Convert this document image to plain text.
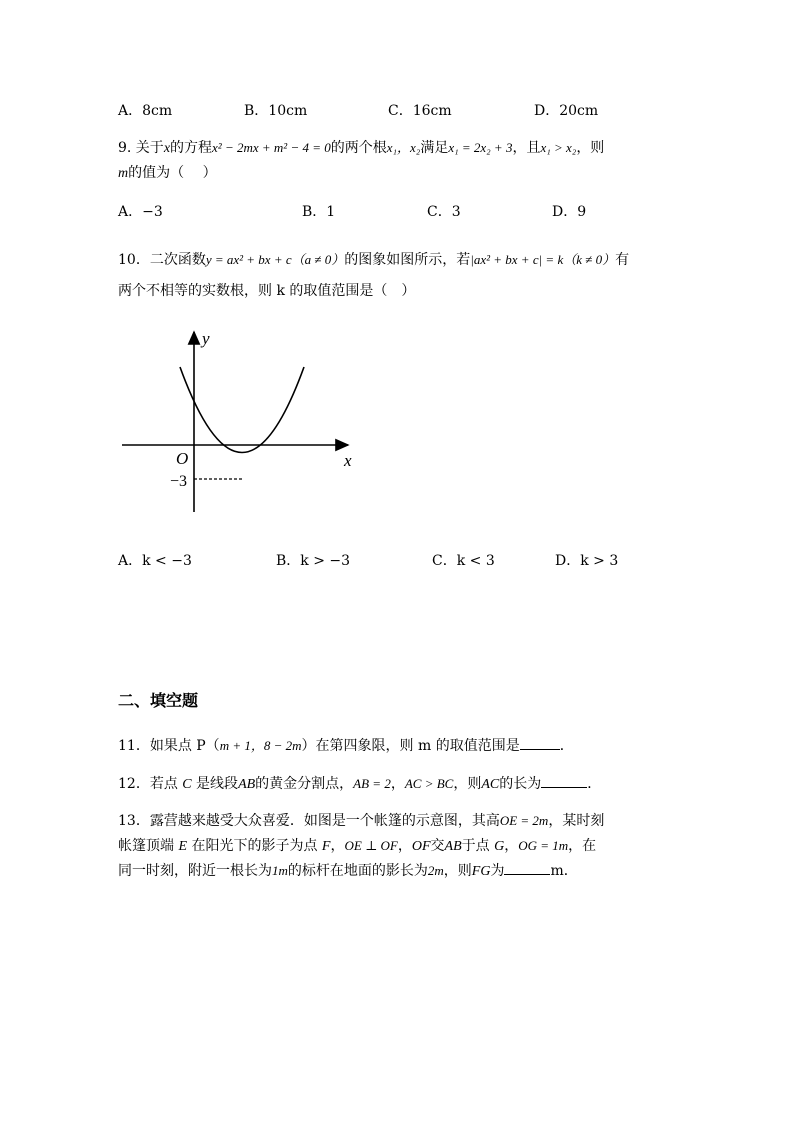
A．8cm	B．10cm	C．16cm	D．20cm
9. 关于x的方程x² − 2mx + m² − 4 = 0的两个根x₁，x₂满足x₁ = 2x₂ + 3，且x₁ > x₂，则
m的值为（　 ）
A．−3	B．1	C．3	D．9
10．二次函数y = ax² + bx + c（a ≠ 0）的图象如图所示，若|ax² + bx + c| = k（k ≠ 0）有
两个不相等的实数根，则 k 的取值范围是（　）
y
x
O
−3
A．k < −3	B．k > −3	C．k < 3	D．k > 3
二、填空题
11．如果点 P（m + 1，8 − 2m）在第四象限，则 m 的取值范围是	．
12．若点 C 是线段AB的黄金分割点，AB = 2，AC > BC，则AC的长为	．
13．露营越来越受大众喜爱．如图是一个帐篷的示意图，其高OE = 2m，某时刻
帐篷顶端 E 在阳光下的影子为点 F，OE ⊥ OF，OF交AB于点 G，OG = 1m，在
同一时刻，附近一根长为1m的标杆在地面的影长为2m，则FG为	m．
